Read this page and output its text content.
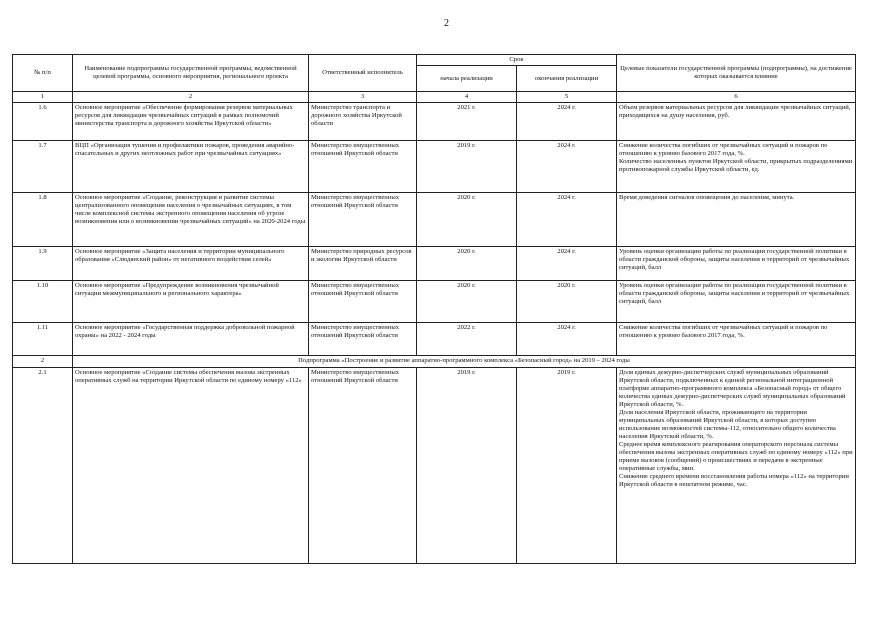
2
№ п/п	Наименование подпрограммы государственной программы, ведомственной целевой программы, основного мероприятия, регионального проекта	Ответственный исполнитель	Срок		Целевые показатели государственной программы (подпрограммы), на достижение которых оказывается влияние
			начала реализации	окончания реализации	
1	2	3	4	5	6
1.6	Основное мероприятие «Обеспечение формирования резервов материальных ресурсов для ликвидации чрезвычайных ситуаций в рамках полномочий министерства транспорта и дорожного хозяйства Иркутской области»	Министерство транспорта и дорожного хозяйства Иркутской области	2021 г.	2024 г.	Объем резервов материальных ресурсов для ликвидации чрезвычайных ситуаций, приходящихся на душу населения, руб.

1.7	ВЦП «Организация тушения и профилактики пожаров, проведения аварийно-спасательных и других неотложных работ при чрезвычайных ситуациях»	Министерство имущественных отношений Иркутской области	2019 г.	2024 г.	Снижение количества погибших от чрезвычайных ситуаций и пожаров по отношению к уровню базового 2017 года, %.
Количество населенных пунктов Иркутской области, прикрытых подразделениями противопожарной службы Иркутской области, ед.

1.8	Основное мероприятие «Создание, реконструкция и развитие системы централизованного оповещения населения о чрезвычайных ситуациях, в том числе комплексной системы экстренного оповещения населения об угрозе возникновения или о возникновении чрезвычайных ситуаций» на 2020-2024 годы	Министерство имущественных отношений Иркутской области	2020 г.	2024 г.	Время доведения сигналов оповещения до населения, минута.

1.9	Основное мероприятие «Защита населения и территории муниципального образования «Слюдянский район» от негативного воздействия селей»	Министерство природных ресурсов и экологии Иркутской области	2020 г.	2024 г.	Уровень оценки организации работы по реализации государственной политики в области гражданской обороны, защиты населения и территорий от чрезвычайных ситуаций, балл

1.10	Основное мероприятие «Предупреждение возникновения чрезвычайной ситуации межмуниципального и регионального характера»	Министерство имущественных отношений Иркутской области	2020 г.	2020 г.	Уровень оценки организации работы по реализации государственной политики в области гражданской обороны, защиты населения и территорий от чрезвычайных ситуаций, балл

1.11	Основное мероприятие «Государственная поддержка добровольной пожарной охраны» на 2022 - 2024 годы	Министерство имущественных отношений Иркутской области	2022 г.	2024 г.	Снижение количества погибших от чрезвычайных ситуаций и пожаров по отношению к уровню базового 2017 года, %.

2	Подпрограмма «Построение и развитие аппаратно-программного комплекса «Безопасный город» на 2019 – 2024 годы				
2.1	Основное мероприятие «Создание системы обеспечения вызова экстренных оперативных служб на территории Иркутской области по единому номеру «112»	Министерство имущественных отношений Иркутской области	2019 г.	2019 г.	Доля единых дежурно-диспетчерских служб муниципальных образований Иркутской области, подключенных к единой региональной интеграционной платформе аппаратно-программного комплекса «Безопасный город» от общего количества единых дежурно-диспетчерских служб муниципальных образований Иркутской области, %.
Доля населения Иркутской области, проживающего на территории муниципальных образований Иркутской области, в которых доступно использование возможностей системы-112, относительно общего количества населения Иркутской области, %.
Среднее время комплексного реагирования операторского персонала системы обеспечения вызова экстренных оперативных служб по единому номеру «112» при приеме вызовов (сообщений) о происшествиях и передачи в экстренные оперативные службы, мин.
Снижение среднего времени восстановления работы номера «112» на территории Иркутской области в нештатном режиме, час.
